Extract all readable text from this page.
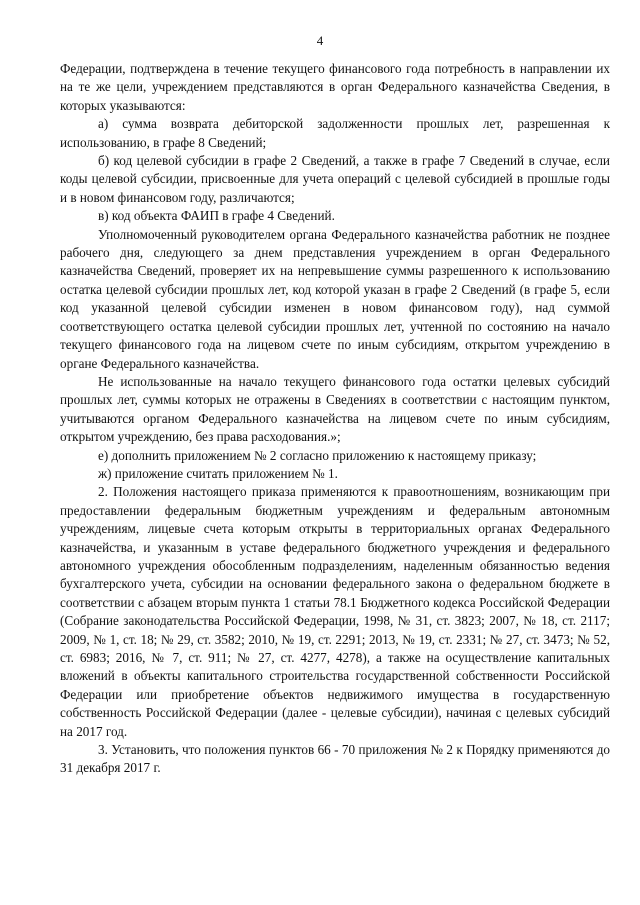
4

Федерации, подтверждена в течение текущего финансового года потребность в направлении их на те же цели, учреждением представляются в орган Федерального казначейства Сведения, в которых указываются:

а) сумма возврата дебиторской задолженности прошлых лет, разрешенная к использованию, в графе 8 Сведений;

б) код целевой субсидии в графе 2 Сведений, а также в графе 7 Сведений в случае, если коды целевой субсидии, присвоенные для учета операций с целевой субсидией в прошлые годы и в новом финансовом году, различаются;

в) код объекта ФАИП в графе 4 Сведений.

Уполномоченный руководителем органа Федерального казначейства работник не позднее рабочего дня, следующего за днем представления учреждением в орган Федерального казначейства Сведений, проверяет их на непревышение суммы разрешенного к использованию остатка целевой субсидии прошлых лет, код которой указан в графе 2 Сведений (в графе 5, если код указанной целевой субсидии изменен в новом финансовом году), над суммой соответствующего остатка целевой субсидии прошлых лет, учтенной по состоянию на начало текущего финансового года на лицевом счете по иным субсидиям, открытом учреждению в органе Федерального казначейства.

Не использованные на начало текущего финансового года остатки целевых субсидий прошлых лет, суммы которых не отражены в Сведениях в соответствии с настоящим пунктом, учитываются органом Федерального казначейства на лицевом счете по иным субсидиям, открытом учреждению, без права расходования.»;

е) дополнить приложением № 2 согласно приложению к настоящему приказу;

ж) приложение считать приложением № 1.

2. Положения настоящего приказа применяются к правоотношениям, возникающим при предоставлении федеральным бюджетным учреждениям и федеральным автономным учреждениям, лицевые счета которым открыты в территориальных органах Федерального казначейства, и указанным в уставе федерального бюджетного учреждения и федерального автономного учреждения обособленным подразделениям, наделенным обязанностью ведения бухгалтерского учета, субсидии на основании федерального закона о федеральном бюджете в соответствии с абзацем вторым пункта 1 статьи 78.1 Бюджетного кодекса Российской Федерации (Собрание законодательства Российской Федерации, 1998, № 31, ст. 3823; 2007, № 18, ст. 2117; 2009, № 1, ст. 18; № 29, ст. 3582; 2010, № 19, ст. 2291; 2013, № 19, ст. 2331; № 27, ст. 3473; № 52, ст. 6983; 2016, № 7, ст. 911; № 27, ст. 4277, 4278), а также на осуществление капитальных вложений в объекты капитального строительства государственной собственности Российской Федерации или приобретение объектов недвижимого имущества в государственную собственность Российской Федерации (далее - целевые субсидии), начиная с целевых субсидий на 2017 год.

3. Установить, что положения пунктов 66 - 70 приложения № 2 к Порядку применяются до 31 декабря 2017 г.
